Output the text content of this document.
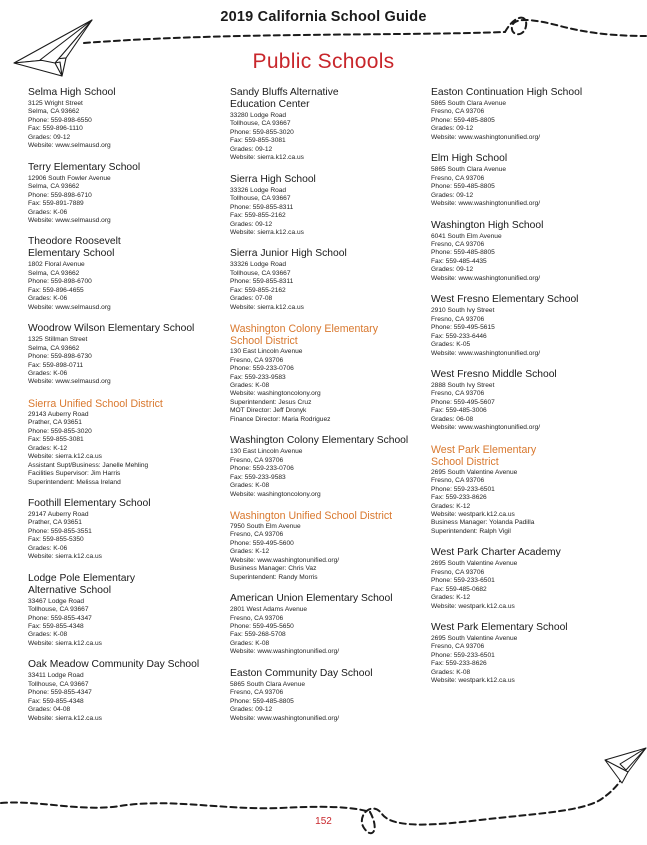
2019 California School Guide
Public Schools
Selma High School
3125 Wright Street
Selma, CA 93662
Phone: 559-898-6550
Fax: 559-896-1110
Grades: 09-12
Website: www.selmausd.org
Terry Elementary School
12906 South Fowler Avenue
Selma, CA 93662
Phone: 559-898-6710
Fax: 559-891-7889
Grades: K-06
Website: www.selmausd.org
Theodore Roosevelt
Elementary School
1802 Floral Avenue
Selma, CA 93662
Phone: 559-898-6700
Fax: 559-896-4655
Grades: K-06
Website: www.selmausd.org
Woodrow Wilson Elementary School
1325 Stillman Street
Selma, CA 93662
Phone: 559-898-6730
Fax: 559-898-0711
Grades: K-06
Website: www.selmausd.org
Sierra Unified School District
29143 Auberry Road
Prather, CA 93651
Phone: 559-855-3020
Fax: 559-855-3081
Grades: K-12
Website: sierra.k12.ca.us
Assistant Supt/Business: Janelle Mehling
Facilities Supervisor: Jim Harris
Superintendent: Melissa Ireland
Foothill Elementary School
29147 Auberry Road
Prather, CA 93651
Phone: 559-855-3551
Fax: 559-855-5350
Grades: K-06
Website: sierra.k12.ca.us
Lodge Pole Elementary
Alternative School
33467 Lodge Road
Tollhouse, CA 93667
Phone: 559-855-4347
Fax: 559-855-4348
Grades: K-08
Website: sierra.k12.ca.us
Oak Meadow Community Day School
33411 Lodge Road
Tollhouse, CA 93667
Phone: 559-855-4347
Fax: 559-855-4348
Grades: 04-08
Website: sierra.k12.ca.us
Sandy Bluffs Alternative
Education Center
33280 Lodge Road
Tollhouse, CA 93667
Phone: 559-855-3020
Fax: 559-855-3081
Grades: 09-12
Website: sierra.k12.ca.us
Sierra High School
33326 Lodge Road
Tollhouse, CA 93667
Phone: 559-855-8311
Fax: 559-855-2162
Grades: 09-12
Website: sierra.k12.ca.us
Sierra Junior High School
33326 Lodge Road
Tollhouse, CA 93667
Phone: 559-855-8311
Fax: 559-855-2162
Grades: 07-08
Website: sierra.k12.ca.us
Washington Colony Elementary
School District
130 East Lincoln Avenue
Fresno, CA 93706
Phone: 559-233-0706
Fax: 559-233-9583
Grades: K-08
Website: washingtoncolony.org
Superintendent: Jesus Cruz
MOT Director: Jeff Dronyk
Finance Director: Maria Rodriguez
Washington Colony Elementary School
130 East Lincoln Avenue
Fresno, CA 93706
Phone: 559-233-0706
Fax: 559-233-9583
Grades: K-08
Website: washingtoncolony.org
Washington Unified School District
7950 South Elm Avenue
Fresno, CA 93706
Phone: 559-495-5600
Grades: K-12
Website: www.washingtonunified.org/
Business Manager: Chris Vaz
Superintendent: Randy Morris
American Union Elementary School
2801 West Adams Avenue
Fresno, CA 93706
Phone: 559-495-5650
Fax: 559-268-5708
Grades: K-08
Website: www.washingtonunified.org/
Easton Community Day School
5865 South Clara Avenue
Fresno, CA 93706
Phone: 559-485-8805
Grades: 09-12
Website: www.washingtonunified.org/
Easton Continuation High School
5865 South Clara Avenue
Fresno, CA 93706
Phone: 559-485-8805
Grades: 09-12
Website: www.washingtonunified.org/
Elm High School
5865 South Clara Avenue
Fresno, CA 93706
Phone: 559-485-8805
Grades: 09-12
Website: www.washingtonunified.org/
Washington High School
6041 South Elm Avenue
Fresno, CA 93706
Phone: 559-485-8805
Fax: 559-485-4435
Grades: 09-12
Website: www.washingtonunified.org/
West Fresno Elementary School
2910 South Ivy Street
Fresno, CA 93706
Phone: 559-495-5615
Fax: 559-233-6446
Grades: K-05
Website: www.washingtonunified.org/
West Fresno Middle School
2888 South Ivy Street
Fresno, CA 93706
Phone: 559-495-5607
Fax: 559-485-3006
Grades: 06-08
Website: www.washingtonunified.org/
West Park Elementary
School District
2695 South Valentine Avenue
Fresno, CA 93706
Phone: 559-233-6501
Fax: 559-233-8626
Grades: K-12
Website: westpark.k12.ca.us
Business Manager: Yolanda Padilla
Superintendent: Ralph Vigil
West Park Charter Academy
2695 South Valentine Avenue
Fresno, CA 93706
Phone: 559-233-6501
Fax: 559-485-0682
Grades: K-12
Website: westpark.k12.ca.us
West Park Elementary School
2695 South Valentine Avenue
Fresno, CA 93706
Phone: 559-233-6501
Fax: 559-233-8626
Grades: K-08
Website: westpark.k12.ca.us
152
